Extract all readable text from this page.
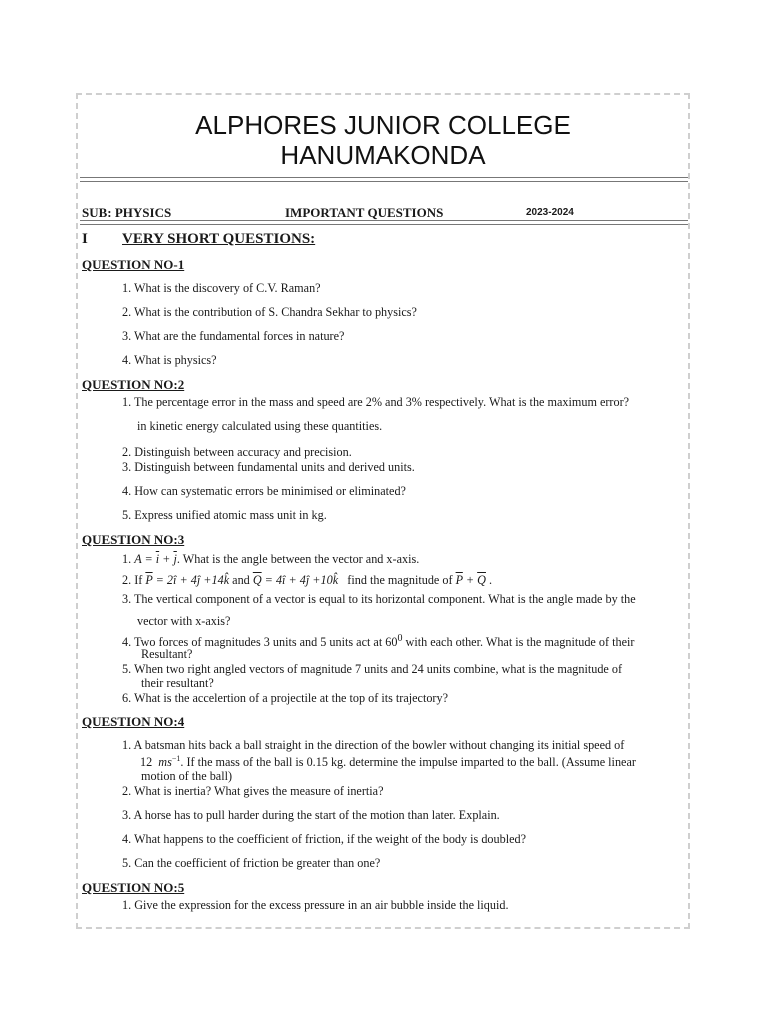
ALPHORES JUNIOR COLLEGE
HANUMAKONDA
SUB: PHYSICS	IMPORTANT QUESTIONS	2023-2024
I VERY SHORT QUESTIONS:
QUESTION NO-1
1. What is the discovery of C.V. Raman?
2. What is the contribution of S. Chandra Sekhar to physics?
3. What are the fundamental forces in nature?
4. What is physics?
QUESTION NO:2
1. The percentage error in the mass and speed are 2% and 3% respectively. What is the maximum error?
in kinetic energy calculated using these quantities.
2. Distinguish between accuracy and precision.
3. Distinguish between fundamental units and derived units.
4. How can systematic errors be minimised or eliminated?
5. Express unified atomic mass unit in kg.
QUESTION NO:3
1. $A = \overline{i} + \overline{j}$. What is the angle between the vector and x-axis.
2. If $\overline{P}$ = 2î + 4ĵ +14k̂ and $\overline{Q}$ = 4î + 4ĵ +10k̂ find the magnitude of $\overline{P} + \overline{Q}$ .
3. The vertical component of a vector is equal to its horizontal component. What is the angle made by the
vector with x-axis?
4. Two forces of magnitudes 3 units and 5 units act at $60^0$ with each other. What is the magnitude of their
Resultant?
5. When two right angled vectors of magnitude 7 units and 24 units combine, what is the magnitude of
their resultant?
6. What is the accelertion of a projectile at the top of its trajectory?
QUESTION NO:4
1. A batsman hits back a ball straight in the direction of the bowler without changing its initial speed of
12 $ms^{-1}$. If the mass of the ball is 0.15 kg. determine the impulse imparted to the ball. (Assume linear
motion of the ball)
2. What is inertia? What gives the measure of inertia?
3. A horse has to pull harder during the start of the motion than later. Explain.
4. What happens to the coefficient of friction, if the weight of the body is doubled?
5. Can the coefficient of friction be greater than one?
QUESTION NO:5
1. Give the expression for the excess pressure in an air bubble inside the liquid.
